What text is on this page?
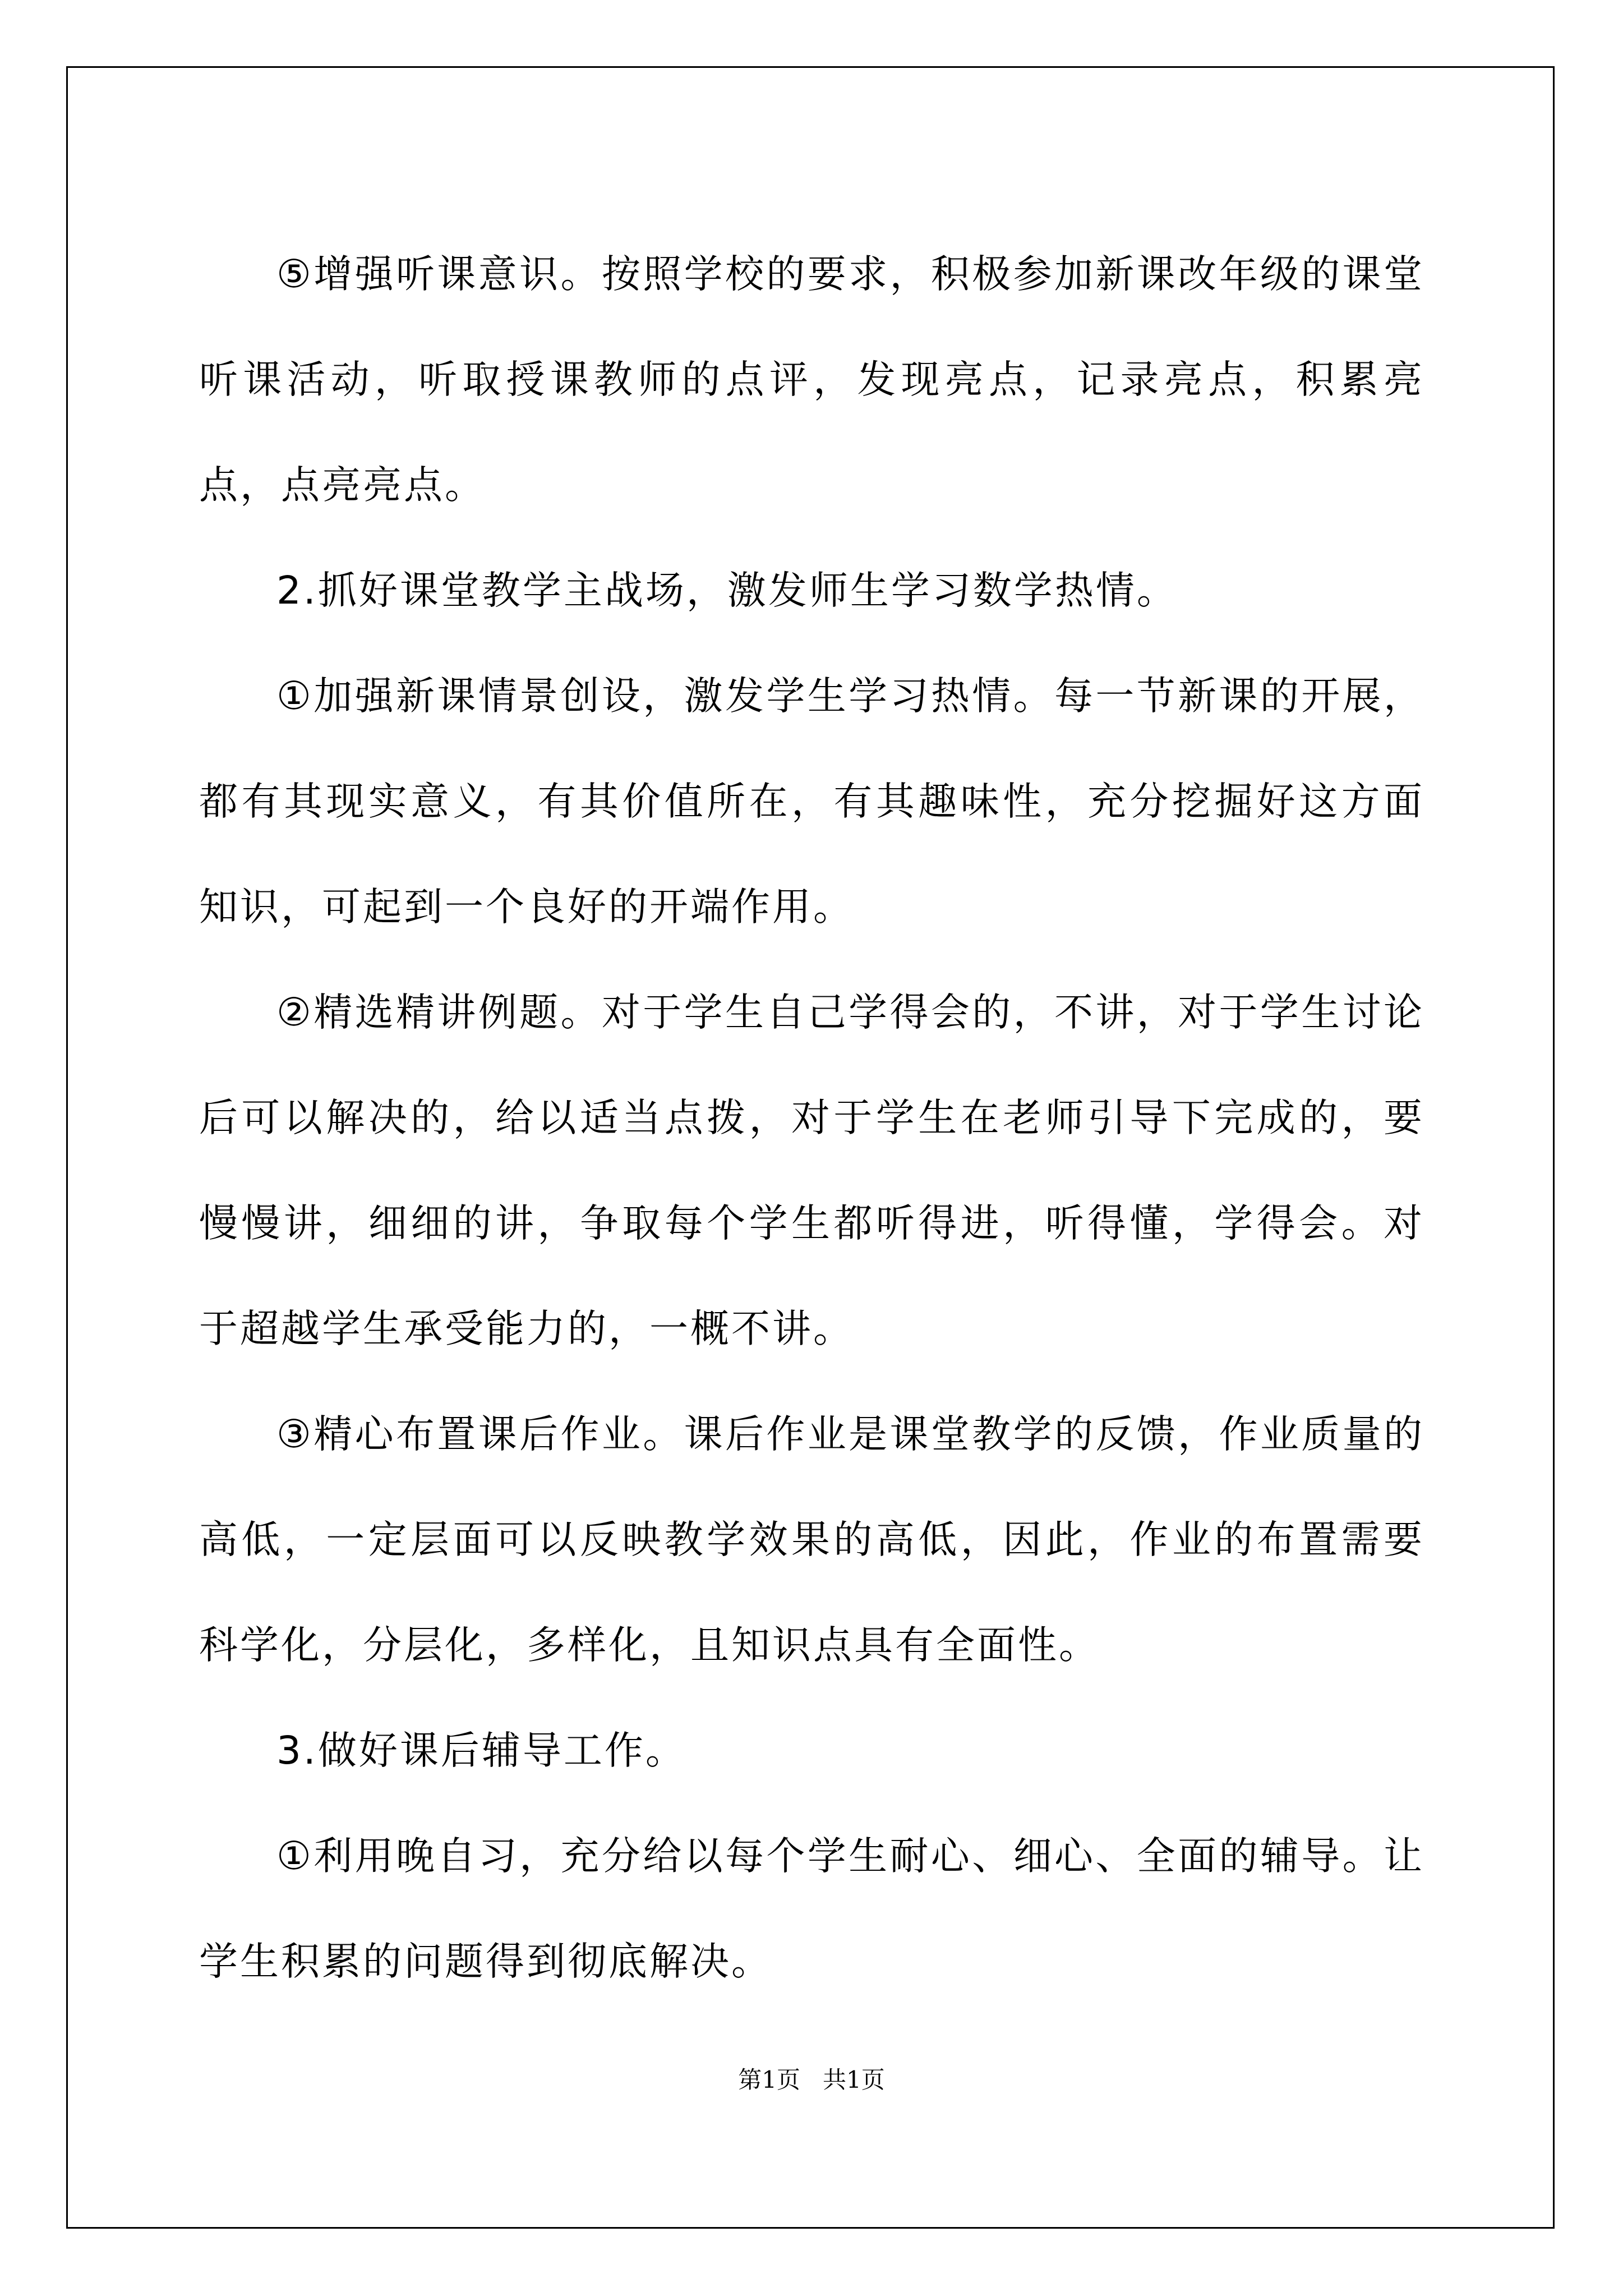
⑤增强听课意识。按照学校的要求，积极参加新课改年级的课堂听课活动，听取授课教师的点评，发现亮点，记录亮点，积累亮点，点亮亮点。

2.抓好课堂教学主战场，激发师生学习数学热情。

①加强新课情景创设，激发学生学习热情。每一节新课的开展，都有其现实意义，有其价值所在，有其趣味性，充分挖掘好这方面知识，可起到一个良好的开端作用。

②精选精讲例题。对于学生自己学得会的，不讲，对于学生讨论后可以解决的，给以适当点拨，对于学生在老师引导下完成的，要慢慢讲，细细的讲，争取每个学生都听得进，听得懂，学得会。对于超越学生承受能力的，一概不讲。

③精心布置课后作业。课后作业是课堂教学的反馈，作业质量的高低，一定层面可以反映教学效果的高低，因此，作业的布置需要科学化，分层化，多样化，且知识点具有全面性。

3.做好课后辅导工作。

①利用晚自习，充分给以每个学生耐心、细心、全面的辅导。让学生积累的问题得到彻底解决。

第1页   共1页
